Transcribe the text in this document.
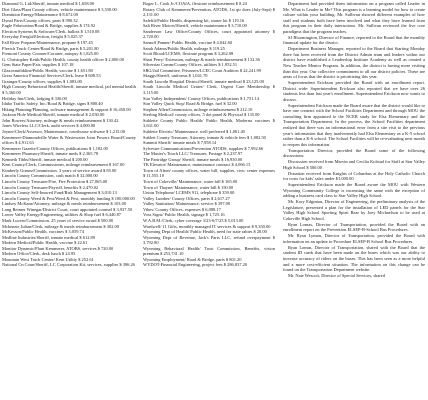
Diamond G. Ltd/Sheriff, inmate medical $ 1,658.00

Diet Glass/Plant County offices, vehicle maintenance $ 3,530.00

Dominion Energy/Maintenance $ 8,672.00

Dynal Parts/County offices, parts $ 990.32

Eagle Fabrication/Road & Bridge, supplies $ 174.92

Election Systems & Software/Clerk, ballots $ 1,510.08

Everyday Freight/Election, freight $ 5,025.37

Fall River Propane/Maintenance, propane $ 197.45

Fleetch Truck Center/Road & Bridge, parts $ 5,201.80

Fremont County Coroner/Coroner, autopsy $ 1,825.00

G. Christopher Keith/Public Health, county health officer $ 2,000.00

Gem State Paper/Fair, supplies $ 107.18

Glaxosmithkline/Public Health, vaccine $ 1,651.80

Great America Financial Services/Clerk, lease $ 608.53

Grainger/County offices, supplies $ 1,083.00

High Country Behavioral Health/Sheriff, inmate medical, jail mental health $ 5,360.00

Holiday Inn/Clerk, lodging $ 336.00

Idaho Traffic Safety, Inc./Road & Bridge, signs $ 800.40

Hiking Planning/Planning, software management & support $ 16,450.00

Jackson Hole Medical/Sheriff, inmate medical $ 2,030.00

John Bowers/Attorney, mileage & meals reimbursement $ 130.42

Jones Wireless LLC/Clerk, audit services $ 4,000.00

Joyner/Clerk/Assessor, Maintenance, courthouse software $ 1,215.00

Kemmerer-Diamondville Water & Wastewater Joint Powers Board/County offices $ 4,911.63

Kemmerer Gazette/County Offices, publications $ 1,182.00

Kemmerer Pharmacy/Sheriff, inmate meds $ 2,365.78

Kenneth Tibbs/Sheriff, inmate medical $ 200.00

Kent County/Clerk, Commissioner, mileage reimbursement $ 167.00

Kimberly Gomez/Commission, 3 years of service award $ 85.00

Lincoln County Commission, cash match $ 32,000.00

Lincoln County Treasurer/Fire, Fire Protection $ 27,065.00

Lincoln County Treasurer/Payroll, benefits $ 2,470.02

Lincoln County Self-Insured Fund/Risk Management $ 3,010.13

Lincoln County Weed & Pest/Weed & Pest, monthly funding $ 100,000.00

Lindsey McKane/Attorney, mileage & meals reimbursement $ 103.00

Long Reimer Winegar/District Court, court appointed counsel $ 3,937.50

Lower Valley Energy/Engineering, utilities & Shop fuel $ 6,440.87

Mark Lucero/Commission, 25 years of service award $ 500.00

Mckenzie Julian/Clerk, mileage & meals reimbursement $ 302.00

McKesson/Public Health, vaccines $ 3,059.74

Medline Industries/Sheriff, inmate medical $ 612.89

Modern Medical/Public Health, vaccine $ 22.61

Monitor Dynamic/Plant Kemmerer, ATOBS, services $ 720.00

Modern Office/Clerk, desk lunch $ 24.95

Mountain West Truck Center/ Kent Utility $ 252.61

National Cn Coun/Sheriff, LC Corporation Kit, services, supplies $ 396.26

Boger L. Cook Jr./COAIA, flexirate reimbursement $ 8.24

Rotary Club of Kemmerer/Prevention, ATODS, 1st qtr dues (July-Sept) $ 2,131.00

Safelift/Public Health, dispensing kit, starter kit $ 119.16

Salt River Motors/Sheriff, vehicle maintenance $ 3,710.00

Sanderson Law Office/County Offices, court appointed attorney $ 2,720.00

Sarnoff Panner/ Public Health, vaccine $ 4,042.60

Sarah Adams/Public Health, mileage $ 119.25

Scott Blood/LCEMS, flexirate program $ 3,262.08

Shari Perry/ Extension, mileage & meals reimbursement $ 132.36

Silverstar Comm/County Offices, utilities $ 1,952.51

SRG/Jail Committee, Prisoners/LCEC Court Auditors $ 22,241.99

Skaggs/Sheriff, uniforms $ 1,041.70

South Lincoln Hospital District/Sheriff, inmate medical $ 23,125.00

South Lincoln Medical Center/ Clerk, Urgent Care Membership $ 3,115.00

Star Valley Independent/ County Offices, publications $ 1,751.14

Star Valley Quick Stop/ Road & Bridge, fuel $ 32.00

Stephen Allen/Commission, mileage reimbursement $ 212.10

Sterling Medical/ county offices, 5 dot panel & Physical $ 135.00

Sublette County Public Health/ Public Health, Moderna vaccines $ 3,631.00

Sublette Electric/ Maintenance, well preferred $ 1,061.40

Sublett County Treasurer, Attorney, inmate & vehicle fees $ 1,082.50

Summit Sheriff/ inmate meals $ 7,958.14

Sylvestre Communications/Prevention ATODS, supplies $ 7,992.66

The Master's Touch LLC/ Treasurer, Postage $ 2,237.97

The Partridge Group/ Sheriff, inmate meals $ 16,930.00

TK Elevator/ Maintenance, maintenance contract $ 4,066.13

Town of Afton/ county offices, water bill, supplies, civic center expenses $ 11,555.10

Town of Cokeville/ Maintenance, water bill $ 165.00

Town of Thayne/ Maintenance, water bill $ 150.00

Union Telephone/ LCEMS 911, telephone $ 359.00

Valley Lumber/ County Offices, parts $ 2,617.27

Valley Sanitation/ Maintenance, service $ 397.00

Vibes/ County Offices, expenses $ 6,088.17

Voss Signs/ Public Health, signage $ 1,725.16

W.A.R.M./Clerk, cyber coverage 3/23-6/7/23 $ 5,013.00

Wardwell/ 11 Gifts, monthly managed IT services & support $ 9,350.00

Wyoming Dept of Health/ Public Health, need for state rabies $ 20.00

Wyoming Dept of Revenue, Jack's Parts LLC, refund overpayment $ 3,792.80

Wyoming Behavioral Health/ Trust Commission, Benefits, vision premium $ 253,731.10

Wyoming Employment/ Road & Bridge, parts $ 801.20

WYDOT-Financial Engineering, project fees $ 286,837.20

Department had provided them information on a program called Leader in Me. What is Leader in Me? This program is a learning model for how to create culture within your building. Mr. Sullivan showed different examples of how staff and students both have been involved and what they have learned from this program in their daily interactions. Mr. Sullivan reviewed the five core paradigms that the program teaches.

SJ Bloomington, Director of Finance, reported to the Board that the monthly financial update for the district.

Department Business Manager, reported to the Board that Starting Monday there has been received from the District Admin team and leaders within our district have established a Leadership Institute Academy as well as created a New Teacher Mentor Program. In addition, the district is having more visiting than this year. Our collective commitment to all our district policies. These are areas of focus that the district is prioritizing this year.

Superintendent Erickson provided the Board with an enrollment report. District wide: Superintendent Erickson also reported that we have over 26 students less than last year's enrollment. Superintendent Erickson now wants to discuss.

Superintendent Erickson made the Board aware that the district would like to have one contract with the School Facilities Department and through MOU the consulting firm appointed to the NCEB study for Elsa Elementary and the Transportation Department. In the process, the School Facilities department realized that there was an informational error from a site visit to the previous year's information that they inadvertently had Elsa Elementary as a K-5 school rather than a K-6 school. The School Facilities will be re-evaluating next month to reopen this information.

Transportation Director, provided the Board some of the following discussions:

Discussion received from Marvin and Cecilia Kolstad for Staff at Star Valley High School $ 500.00

Donation received from Knights of Columbus at the Holy Catholic Church for costs for kids' sales under $1,000.00

Superintendent Erickson made the Board aware the MOU with Western Wyoming Community College is increasing the same with the exception of adding a business card class to Star Valley High School.

Mr. Kory Edginton, Director of Engineering, the preliminary analysis of the Legislature, presented a plan for the installation of LED panels for the Star Valley High School Sporting Spirit Bear by Joey Michaelson to be used at Cokeville High School.

Ryan Lomas, Director of Transportation, provided the Board with an enrollment report on the Prevention ELSEP-B-School Bus Procedures.

Mr. Ryan Lyman, Director of Transportation, provided the Board with information on an update to Procedure ELSEP-B School Bus Procedures.

Ryan Lomas, Director of Transportation, shared with the Board that the student ID cards that have been made on the buses which was our ability to increase accuracy of riders on the buses. This has been seen as a more helpful and a more cost-efficient situation. The information on this change can be found on the Transportation Department website.

Mr. Nate Wescott, Director of Special Services, shared
